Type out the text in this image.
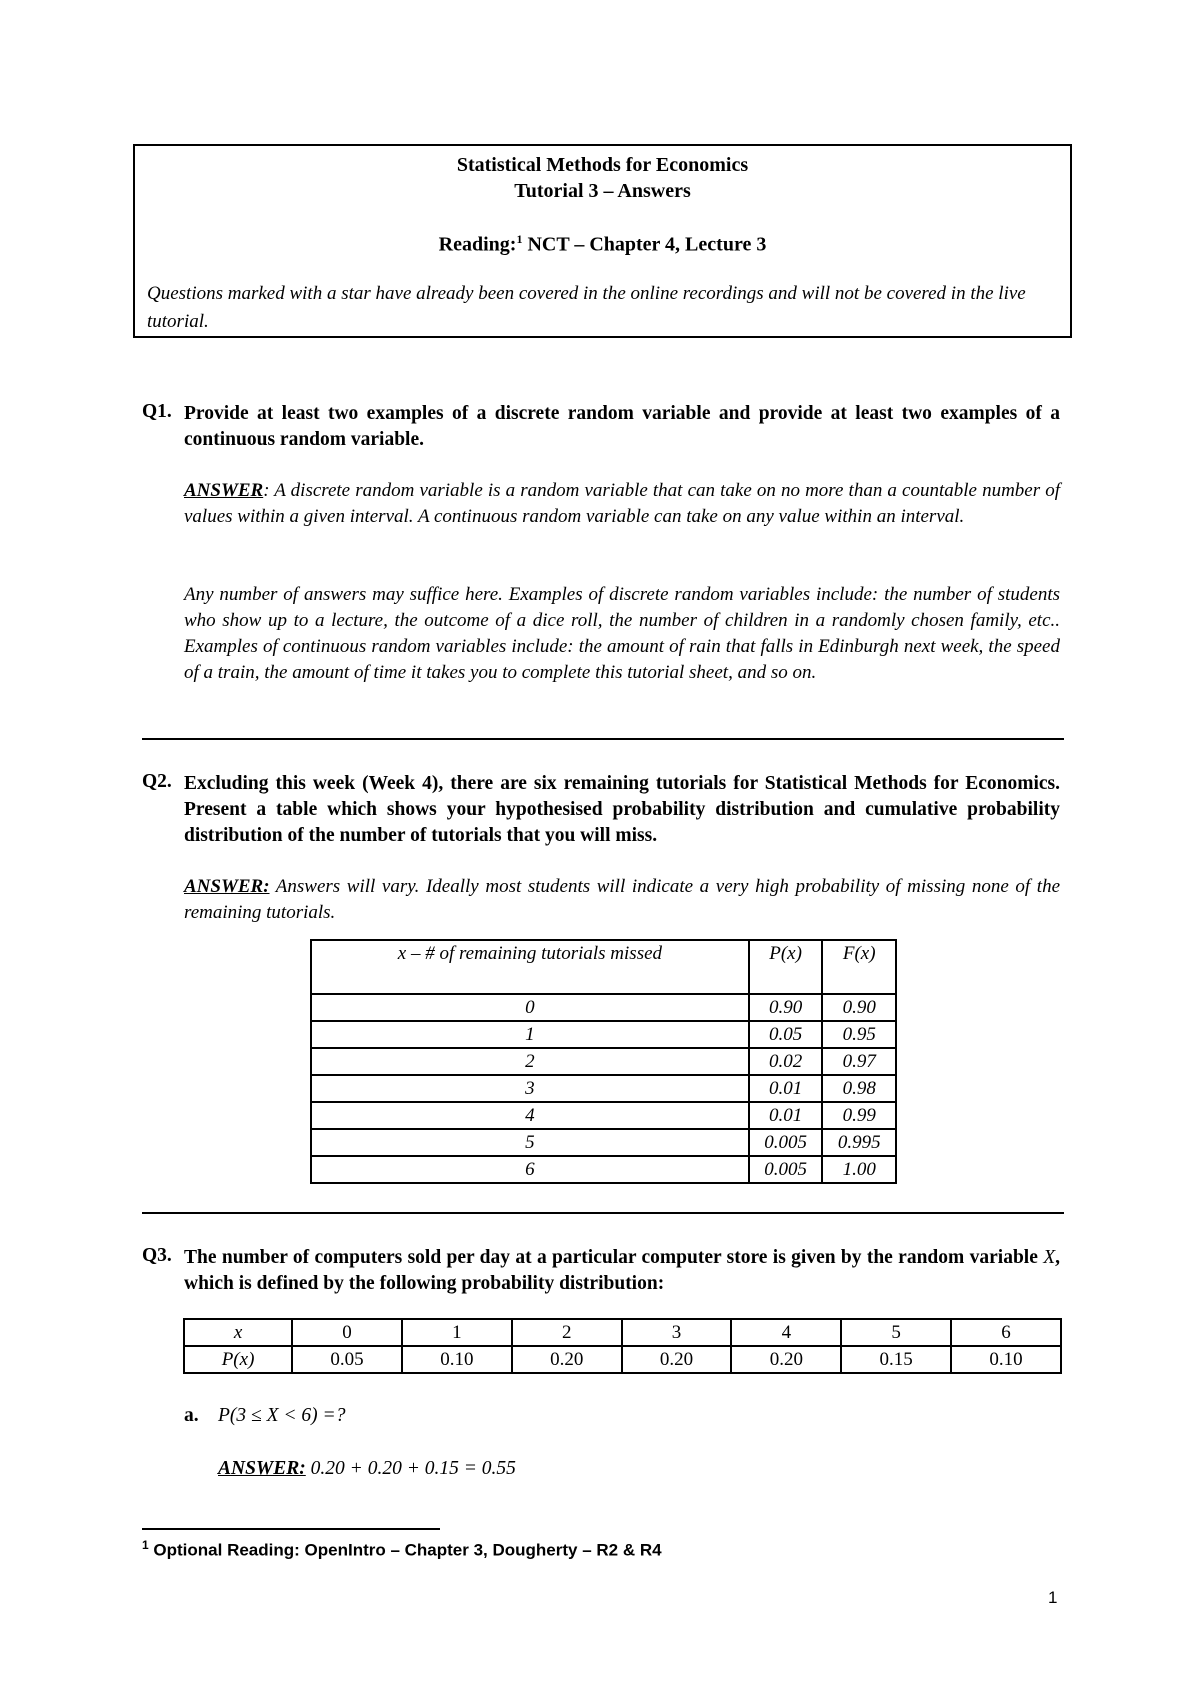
Statistical Methods for Economics
Tutorial 3 – Answers
Reading:$^1$ NCT – Chapter 4, Lecture 3
Questions marked with a star have already been covered in the online recordings and will not be covered in the live tutorial.
Q1. Provide at least two examples of a discrete random variable and provide at least two examples of a continuous random variable.
ANSWER: A discrete random variable is a random variable that can take on no more than a countable number of values within a given interval. A continuous random variable can take on any value within an interval.
Any number of answers may suffice here. Examples of discrete random variables include: the number of students who show up to a lecture, the outcome of a dice roll, the number of children in a randomly chosen family, etc.. Examples of continuous random variables include: the amount of rain that falls in Edinburgh next week, the speed of a train, the amount of time it takes you to complete this tutorial sheet, and so on.
Q2. Excluding this week (Week 4), there are six remaining tutorials for Statistical Methods for Economics. Present a table which shows your hypothesised probability distribution and cumulative probability distribution of the number of tutorials that you will miss.
ANSWER: Answers will vary. Ideally most students will indicate a very high probability of missing none of the remaining tutorials.
x – # of remaining tutorials missed	P(x)	F(x)
0	0.90	0.90
1	0.05	0.95
2	0.02	0.97
3	0.01	0.98
4	0.01	0.99
5	0.005	0.995
6	0.005	1.00
Q3. The number of computers sold per day at a particular computer store is given by the random variable X, which is defined by the following probability distribution:
x	0	1	2	3	4	5	6
P(x)	0.05	0.10	0.20	0.20	0.20	0.15	0.10
a. P(3 ≤ X < 6) =?
ANSWER: 0.20 + 0.20 + 0.15 = 0.55
$^1$ Optional Reading: OpenIntro – Chapter 3, Dougherty – R2 & R4
1
